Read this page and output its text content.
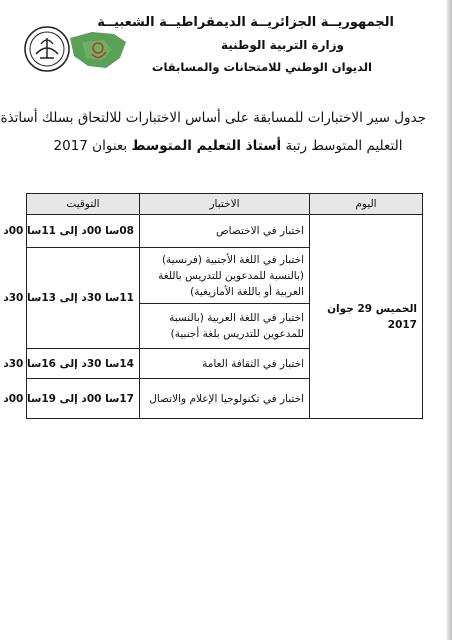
الجمهوريــة الجزائريــة الديمقراطيــة الشعبيــة
وزارة التربية الوطنية
الديوان الوطني للامتحانات والمسابقات
جدول سير الاختبارات للمسابقة على أساس الاختبارات للالتحاق بسلك أساتذة
التعليم المتوسط رتبة أستاذ التعليم المتوسط بعنوان 2017
اليوم	الاختبار	التوقيت
الخميس 29 جوان 2017	اختبار في الاختصاص	08سا 00د إلى 11سا 00د
	اختبار في اللغة الأجنبية (فرنسية) (بالنسبة للمدعوين للتدريس باللغة العربية أو باللغة الأمازيغية)	11سا 30د إلى 13سا 30د
	اختبار في اللغة العربية (بالنسبة للمدعوين للتدريس بلغة أجنبية)	
	اختبار في الثقافة العامة	14سا 30د إلى 16سا 30د
	اختبار في تكنولوجيا الإعلام والاتصال	17سا 00د إلى 19سا 00د
